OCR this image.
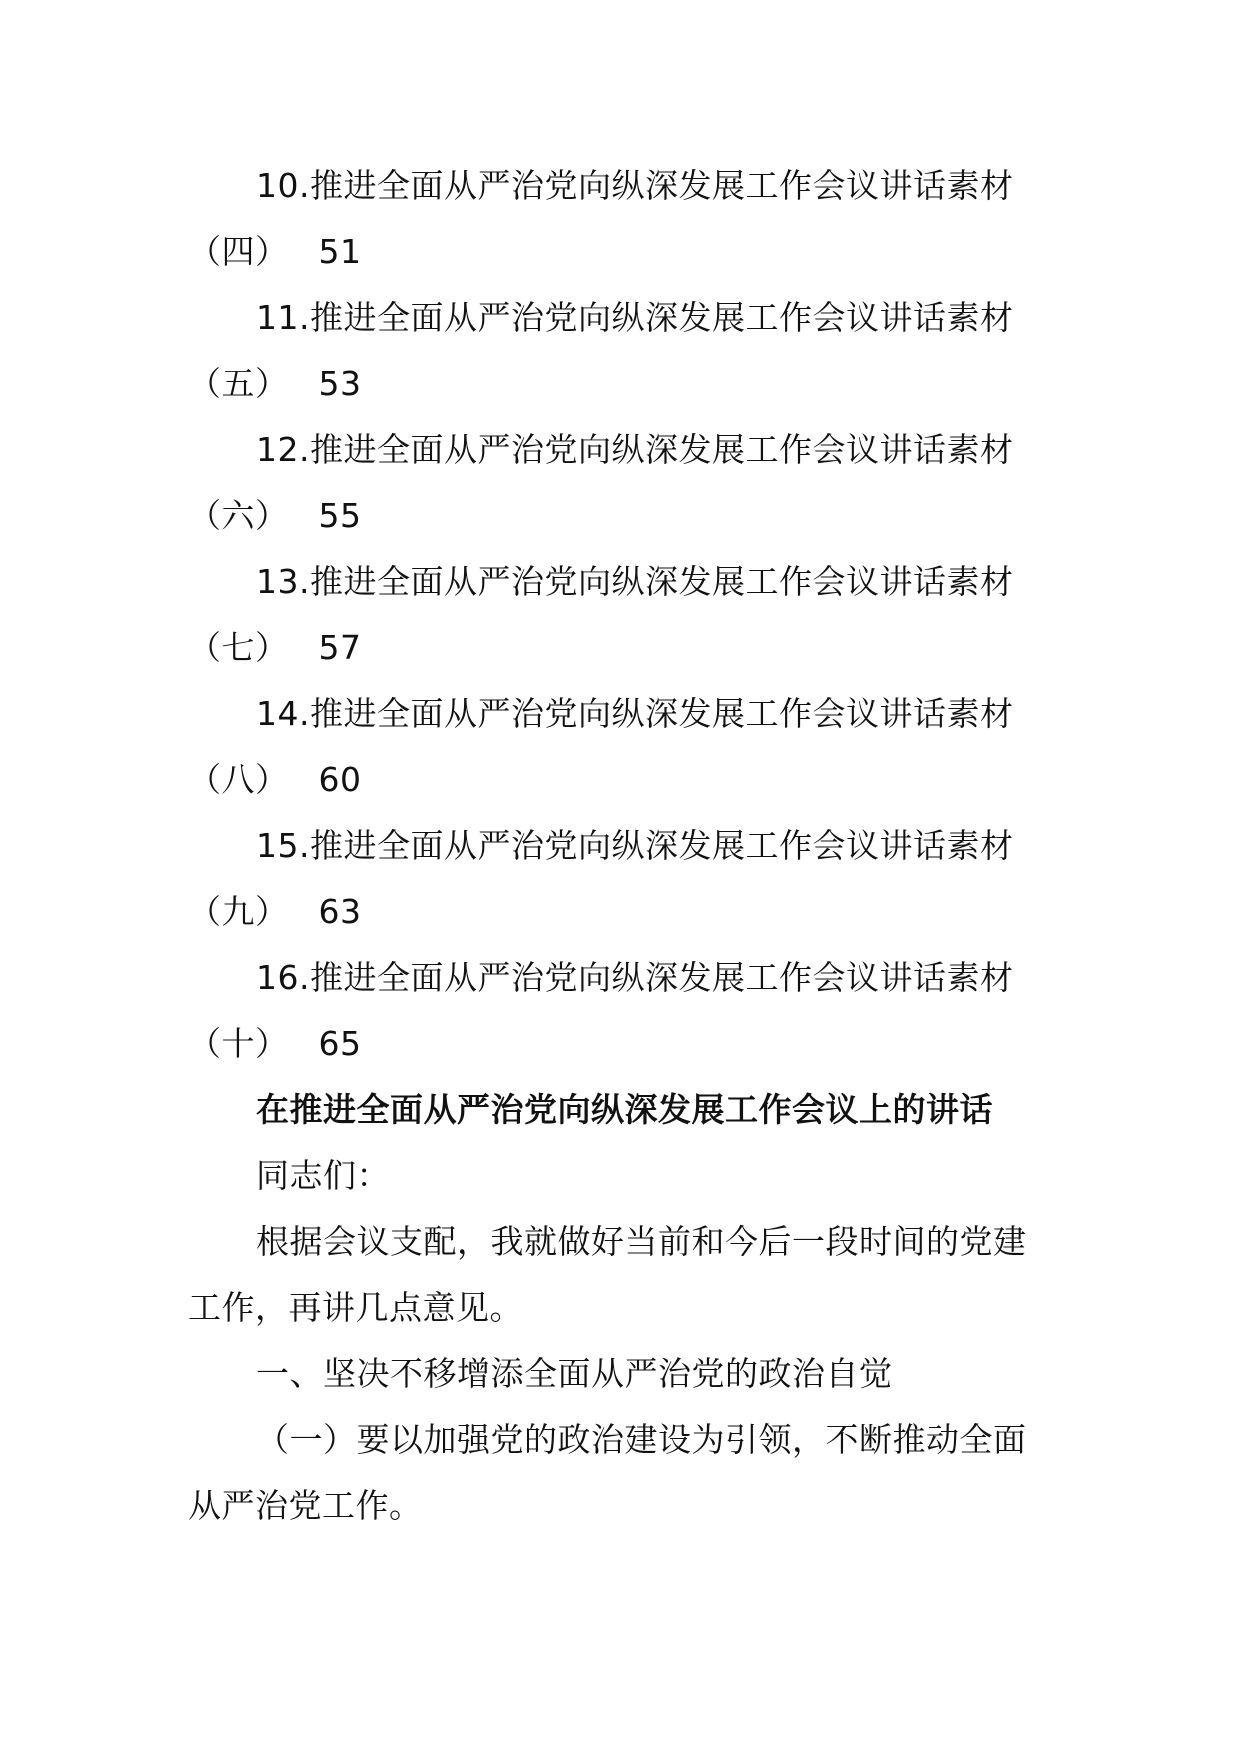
10.推进全面从严治党向纵深发展工作会议讲话素材
（四） 51
11.推进全面从严治党向纵深发展工作会议讲话素材
（五） 53
12.推进全面从严治党向纵深发展工作会议讲话素材
（六） 55
13.推进全面从严治党向纵深发展工作会议讲话素材
（七） 57
14.推进全面从严治党向纵深发展工作会议讲话素材
（八） 60
15.推进全面从严治党向纵深发展工作会议讲话素材
（九） 63
16.推进全面从严治党向纵深发展工作会议讲话素材
（十） 65
在推进全面从严治党向纵深发展工作会议上的讲话
同志们：
根据会议支配，我就做好当前和今后一段时间的党建
工作，再讲几点意见。
一、坚决不移增添全面从严治党的政治自觉
（一）要以加强党的政治建设为引领，不断推动全面
从严治党工作。
